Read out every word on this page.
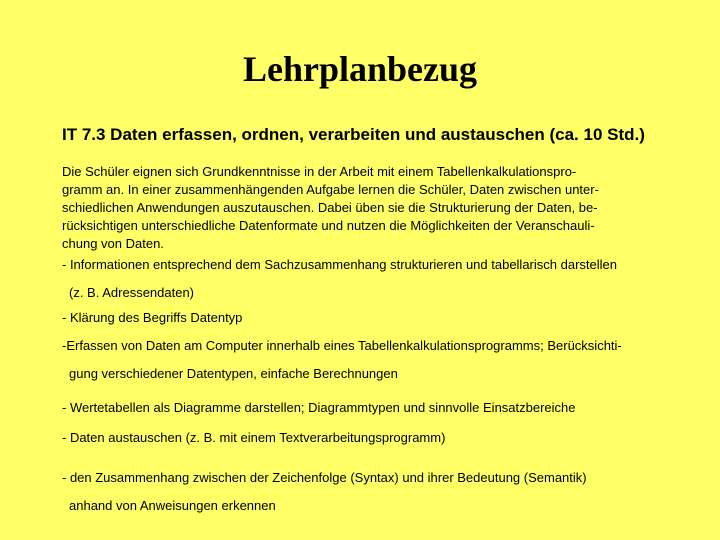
Lehrplanbezug
IT 7.3 Daten erfassen, ordnen, verarbeiten und austauschen (ca. 10 Std.)
Die Schüler eignen sich Grundkenntnisse in der Arbeit mit einem Tabellenkalkulationspro-
gramm an. In einer zusammenhängenden Aufgabe lernen die Schüler, Daten zwischen unter-
schiedlichen Anwendungen auszutauschen. Dabei üben sie die Strukturierung der Daten, be-
rücksichtigen unterschiedliche Datenformate und nutzen die Möglichkeiten der Veranschauli-
chung von Daten.
- Informationen entsprechend dem Sachzusammenhang strukturieren und tabellarisch darstellen
(z. B. Adressendaten)
- Klärung des Begriffs Datentyp
-Erfassen von Daten am Computer innerhalb eines Tabellenkalkulationsprogramms; Berücksichti-
gung verschiedener Datentypen, einfache Berechnungen
- Wertetabellen als Diagramme darstellen; Diagrammtypen und sinnvolle Einsatzbereiche
- Daten austauschen (z. B. mit einem Textverarbeitungsprogramm)
- den Zusammenhang zwischen der Zeichenfolge (Syntax) und ihrer Bedeutung (Semantik)
anhand von Anweisungen erkennen
